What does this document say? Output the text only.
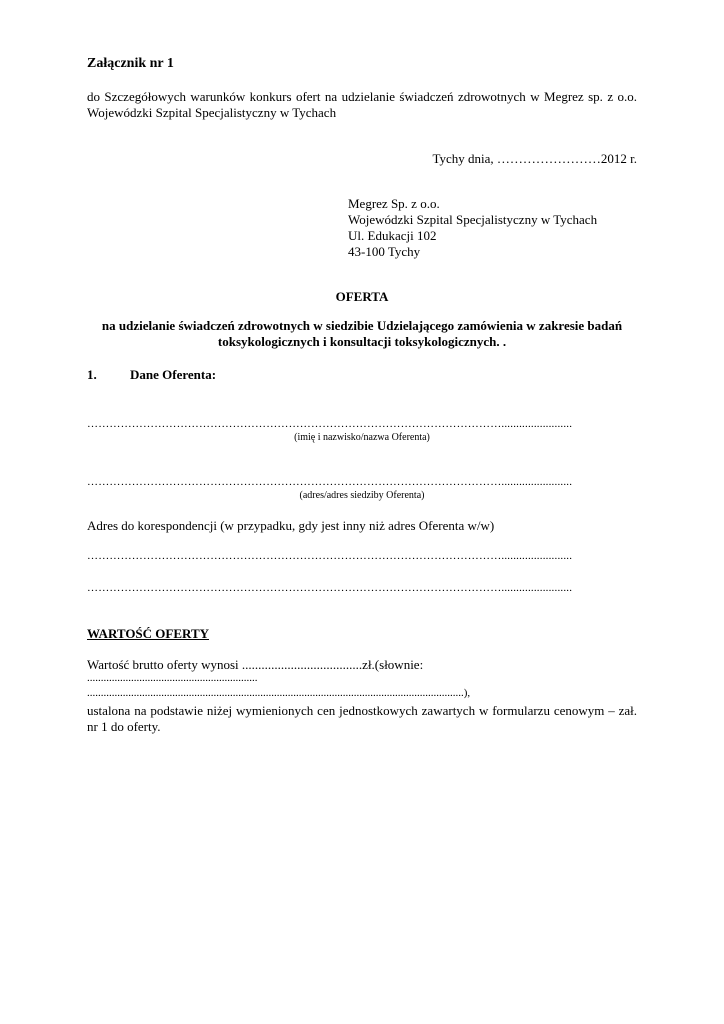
Załącznik nr 1
do Szczegółowych warunków konkurs ofert na udzielanie świadczeń zdrowotnych w Megrez sp. z o.o. Wojewódzki Szpital Specjalistyczny w Tychach
Tychy dnia, ……………………2012 r.
Megrez Sp. z o.o.
Wojewódzki Szpital Specjalistyczny w Tychach
Ul. Edukacji 102
43-100 Tychy
OFERTA
na udzielanie świadczeń zdrowotnych w siedzibie Udzielającego zamówienia w zakresie badań toksykologicznych i konsultacji toksykologicznych. .
1.	Dane Oferenta:
…………………………………………………………………………………………………........................
(imię i nazwisko/nazwa Oferenta)
…………………………………………………………………………………………………........................
(adres/adres siedziby Oferenta)
Adres do korespondencji (w przypadku, gdy jest inny niż adres Oferenta w/w)
…………………………………………………………………………………………………........................
…………………………………………………………………………………………………........................
WARTOŚĆ OFERTY
Wartość brutto oferty wynosi .....................................zł.(słownie:
..............................................................
.........................................................................................................................................),
ustalona na podstawie niżej wymienionych cen jednostkowych zawartych w formularzu cenowym – zał. nr 1 do oferty.
